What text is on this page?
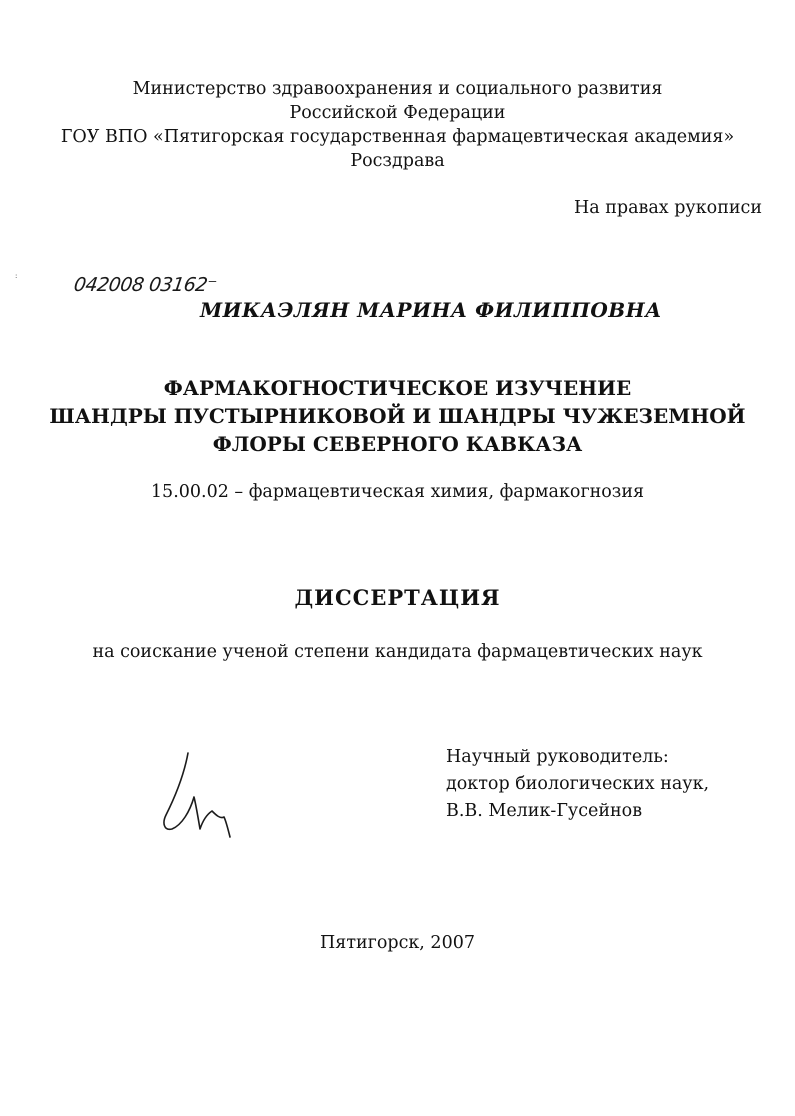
:
Министерство здравоохранения и социального развития
Российской Федерации
ГОУ ВПО «Пятигорская государственная фармацевтическая академия»
Росздрава
На правах рукописи
042008 03162⁻
МИКАЭЛЯН МАРИНА ФИЛИППОВНА
ФАРМАКОГНОСТИЧЕСКОЕ ИЗУЧЕНИЕ
ШАНДРЫ ПУСТЫРНИКОВОЙ И ШАНДРЫ ЧУЖЕЗЕМНОЙ
ФЛОРЫ СЕВЕРНОГО КАВКАЗА
15.00.02 – фармацевтическая химия, фармакогнозия
ДИССЕРТАЦИЯ
на соискание ученой степени кандидата фармацевтических наук
Научный руководитель:
доктор биологических наук,
В.В. Мелик-Гусейнов
Пятигорск, 2007
